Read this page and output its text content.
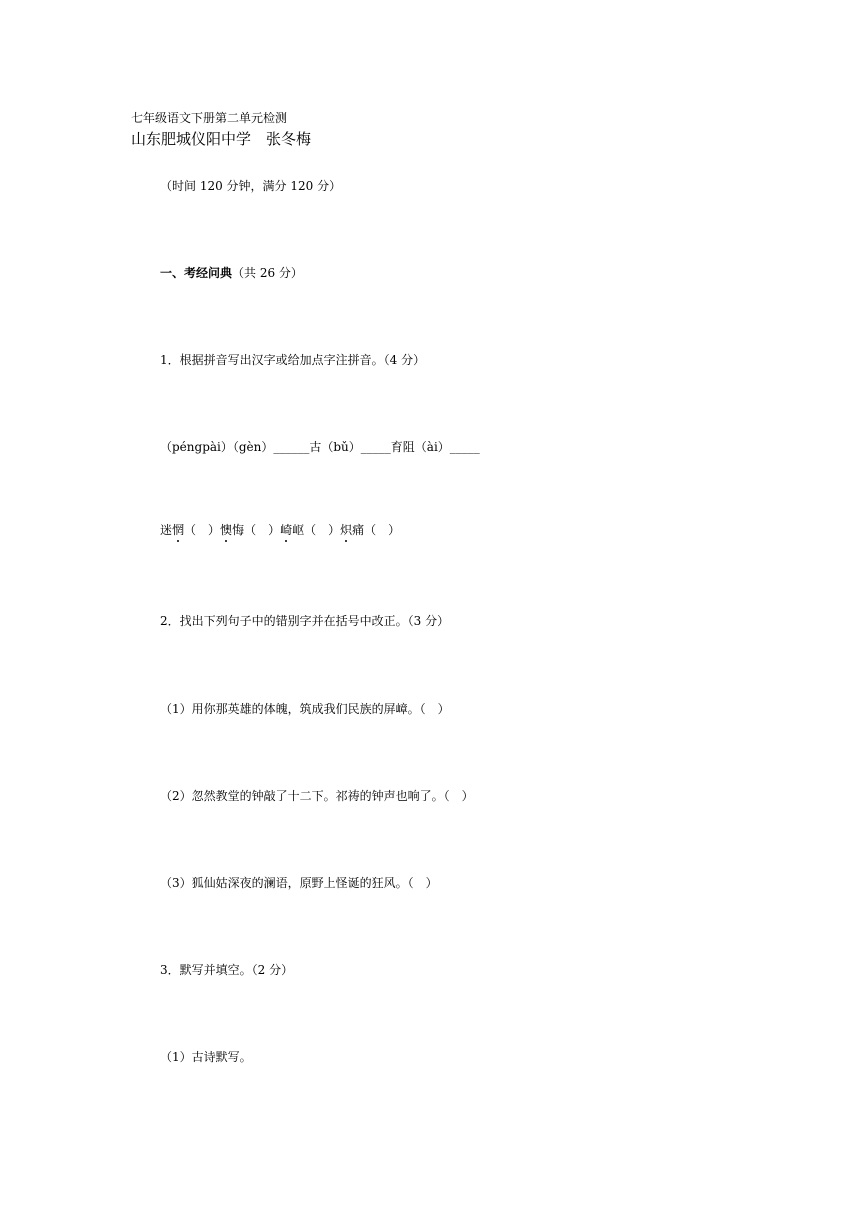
七年级语文下册第二单元检测
山东肥城仪阳中学　张冬梅
（时间 120 分钟，满分 120 分）
一、考经问典（共 26 分）
1．根据拼音写出汉字或给加点字注拼音。（4 分）
（péngpài）（gèn）______古（bǔ）_____育阻（ài）_____
迷惘（　）懊悔（　）崎岖（　）炽痛（　）
2．找出下列句子中的错别字并在括号中改正。（3 分）
（1）用你那英雄的体魄，筑成我们民族的屏嶂。（　）
（2）忽然教堂的钟敲了十二下。祁祷的钟声也响了。（　）
（3）狐仙姑深夜的澜语，原野上怪诞的狂风。（　）
3．默写并填空。（2 分）
（1）古诗默写。
